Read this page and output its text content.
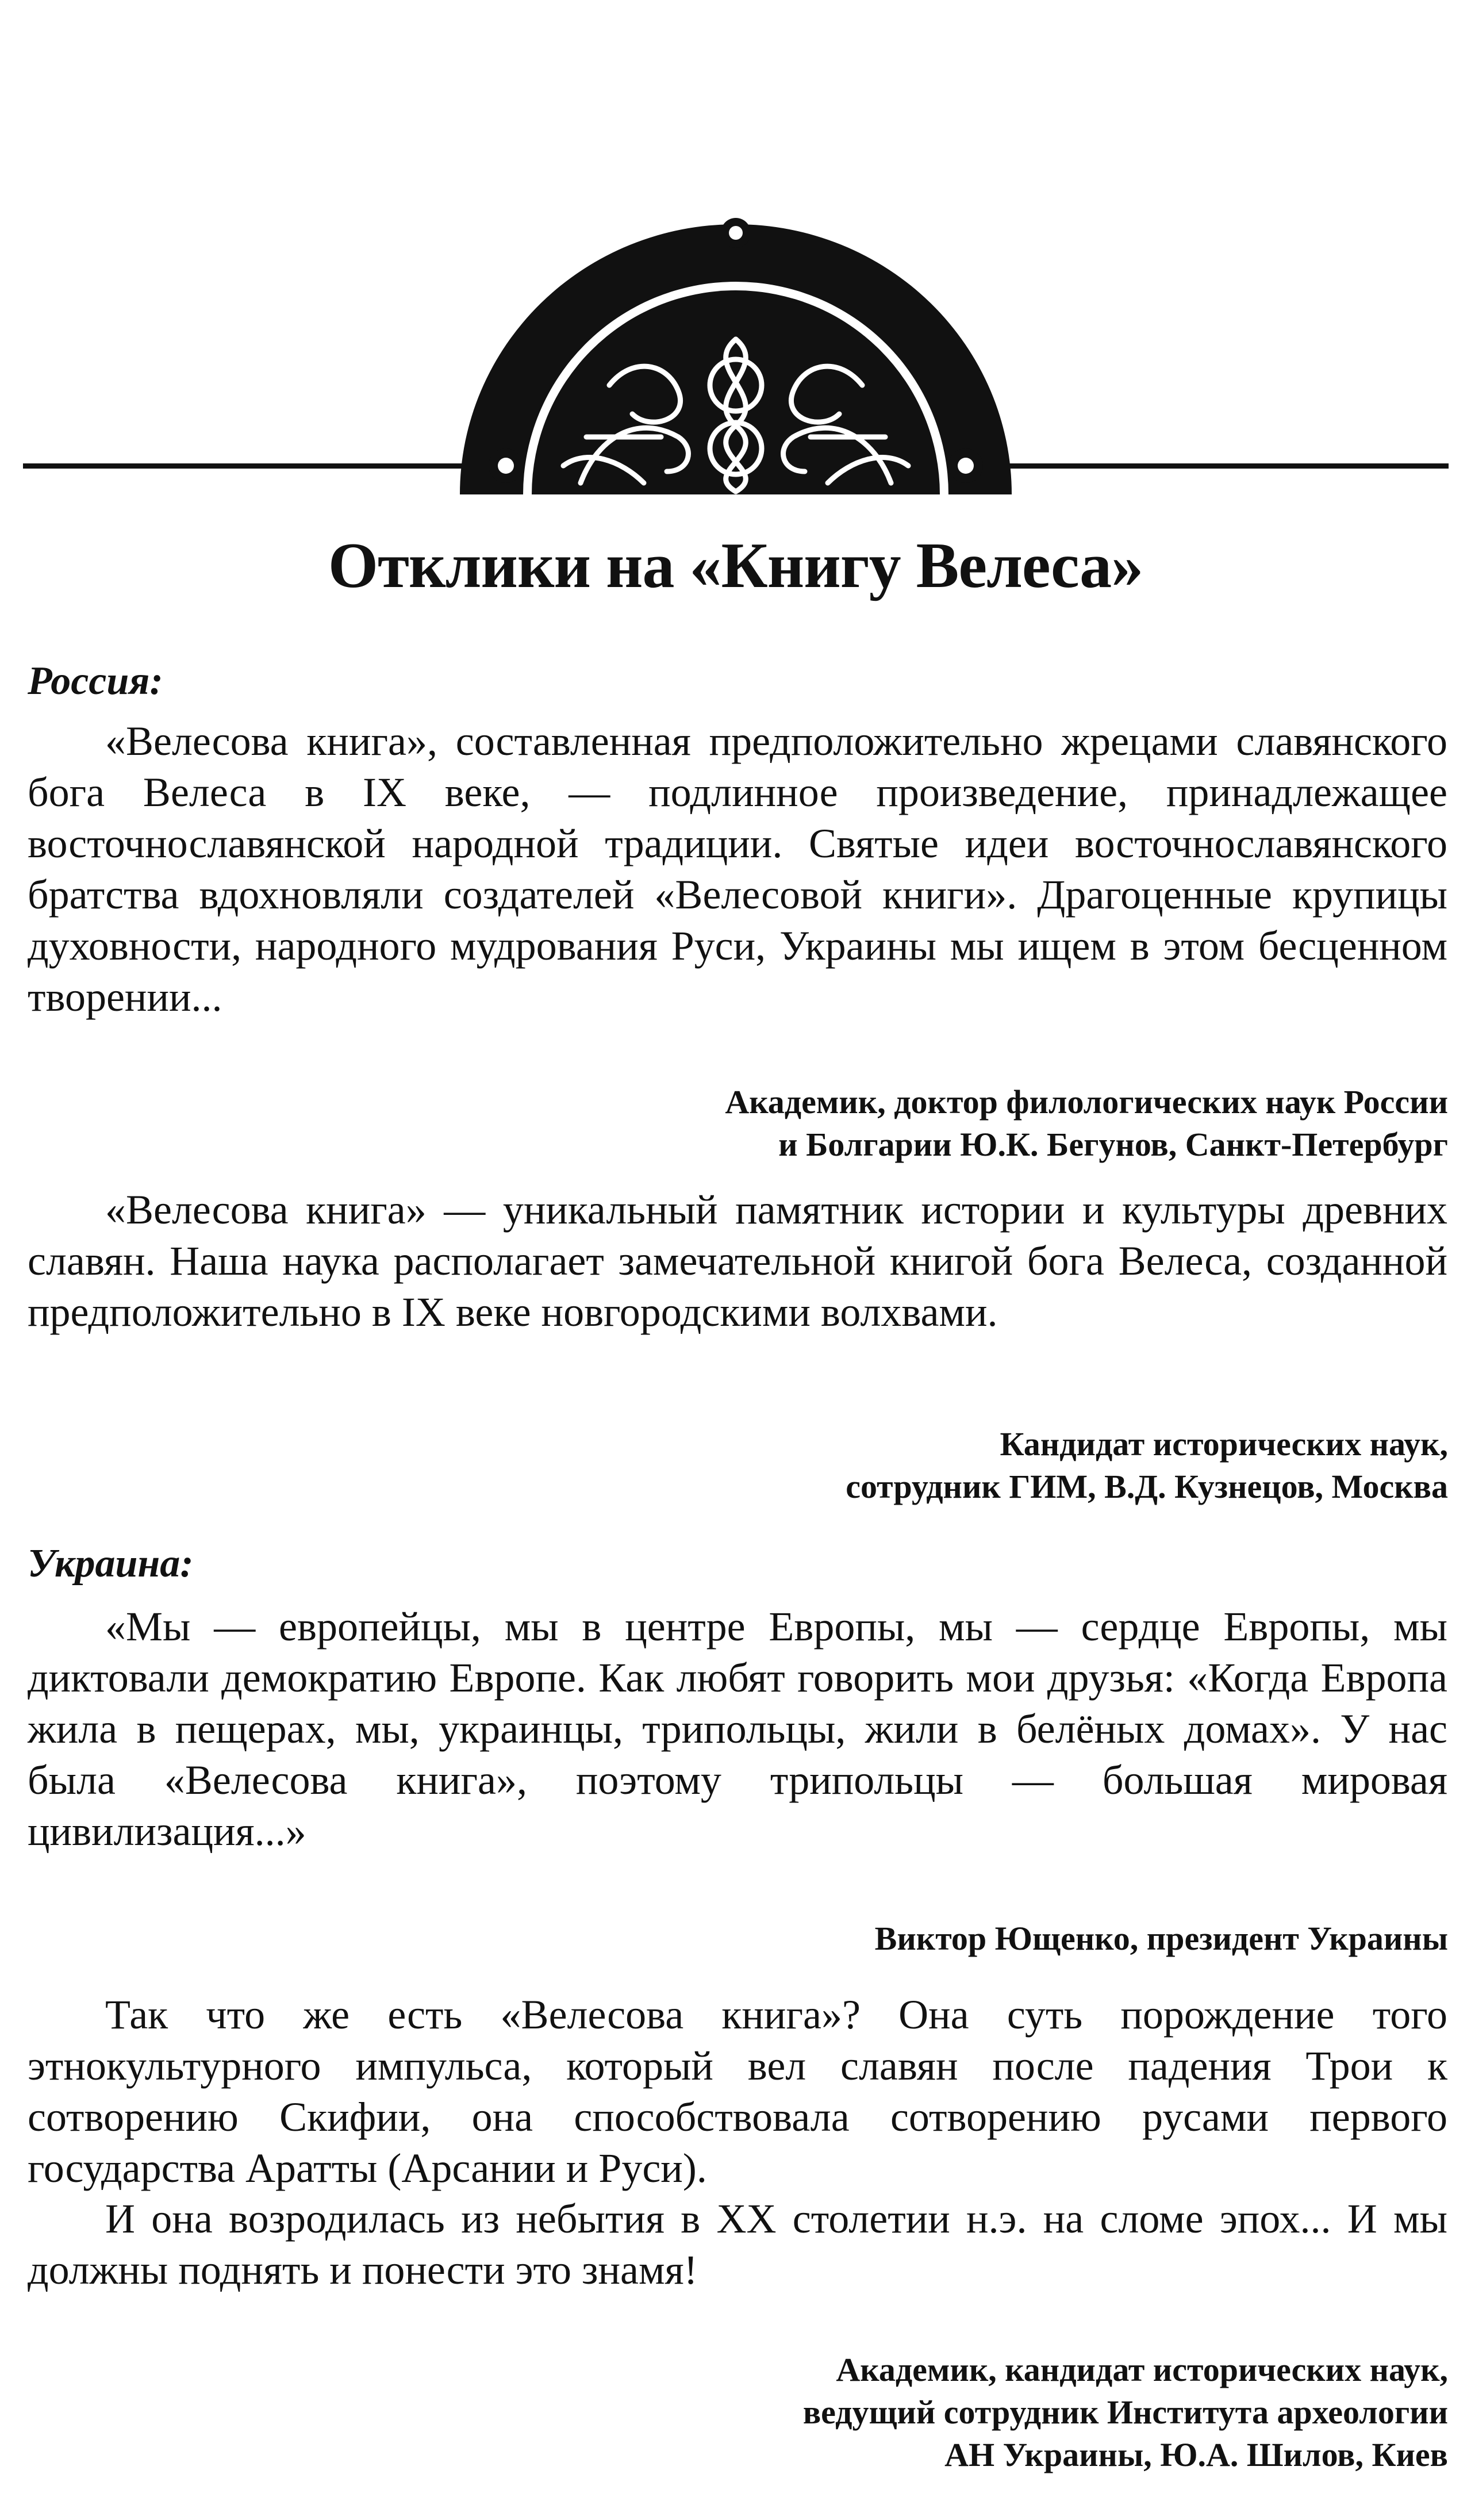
Отклики на «Книгу Велеса»
Россия:

«Велесова книга», составленная предположительно жрецами славянского бога Велеса в IX веке, — подлинное произведение, принадлежащее восточнославянской народной традиции. Святые идеи восточнославянского братства вдохновляли создателей «Велесовой книги». Драгоценные крупицы духовности, народного мудрования Руси, Украины мы ищем в этом бесценном творении...

Академик, доктор филологических наук России
и Болгарии Ю.К. Бегунов, Санкт-Петербург

«Велесова книга» — уникальный памятник истории и культуры древних славян. Наша наука располагает замечательной книгой бога Велеса, созданной предположительно в IX веке новгородскими волхвами.

Кандидат исторических наук,
сотрудник ГИМ, В.Д. Кузнецов, Москва
Украина:

«Мы — европейцы, мы в центре Европы, мы — сердце Европы, мы диктовали демократию Европе. Как любят говорить мои друзья: «Когда Европа жила в пещерах, мы, украинцы, трипольцы, жили в белёных домах». У нас была «Велесова книга», поэтому трипольцы — большая мировая цивилизация...»

Виктор Ющенко, президент Украины

Так что же есть «Велесова книга»? Она суть порождение того этнокультурного импульса, который вел славян после падения Трои к сотворению Скифии, она способствовала сотворению русами первого государства Аратты (Арсании и Руси).

И она возродилась из небытия в XX столетии н.э. на сломе эпох... И мы должны поднять и понести это знамя!

Академик, кандидат исторических наук,
ведущий сотрудник Института археологии
АН Украины, Ю.А. Шилов, Киев
